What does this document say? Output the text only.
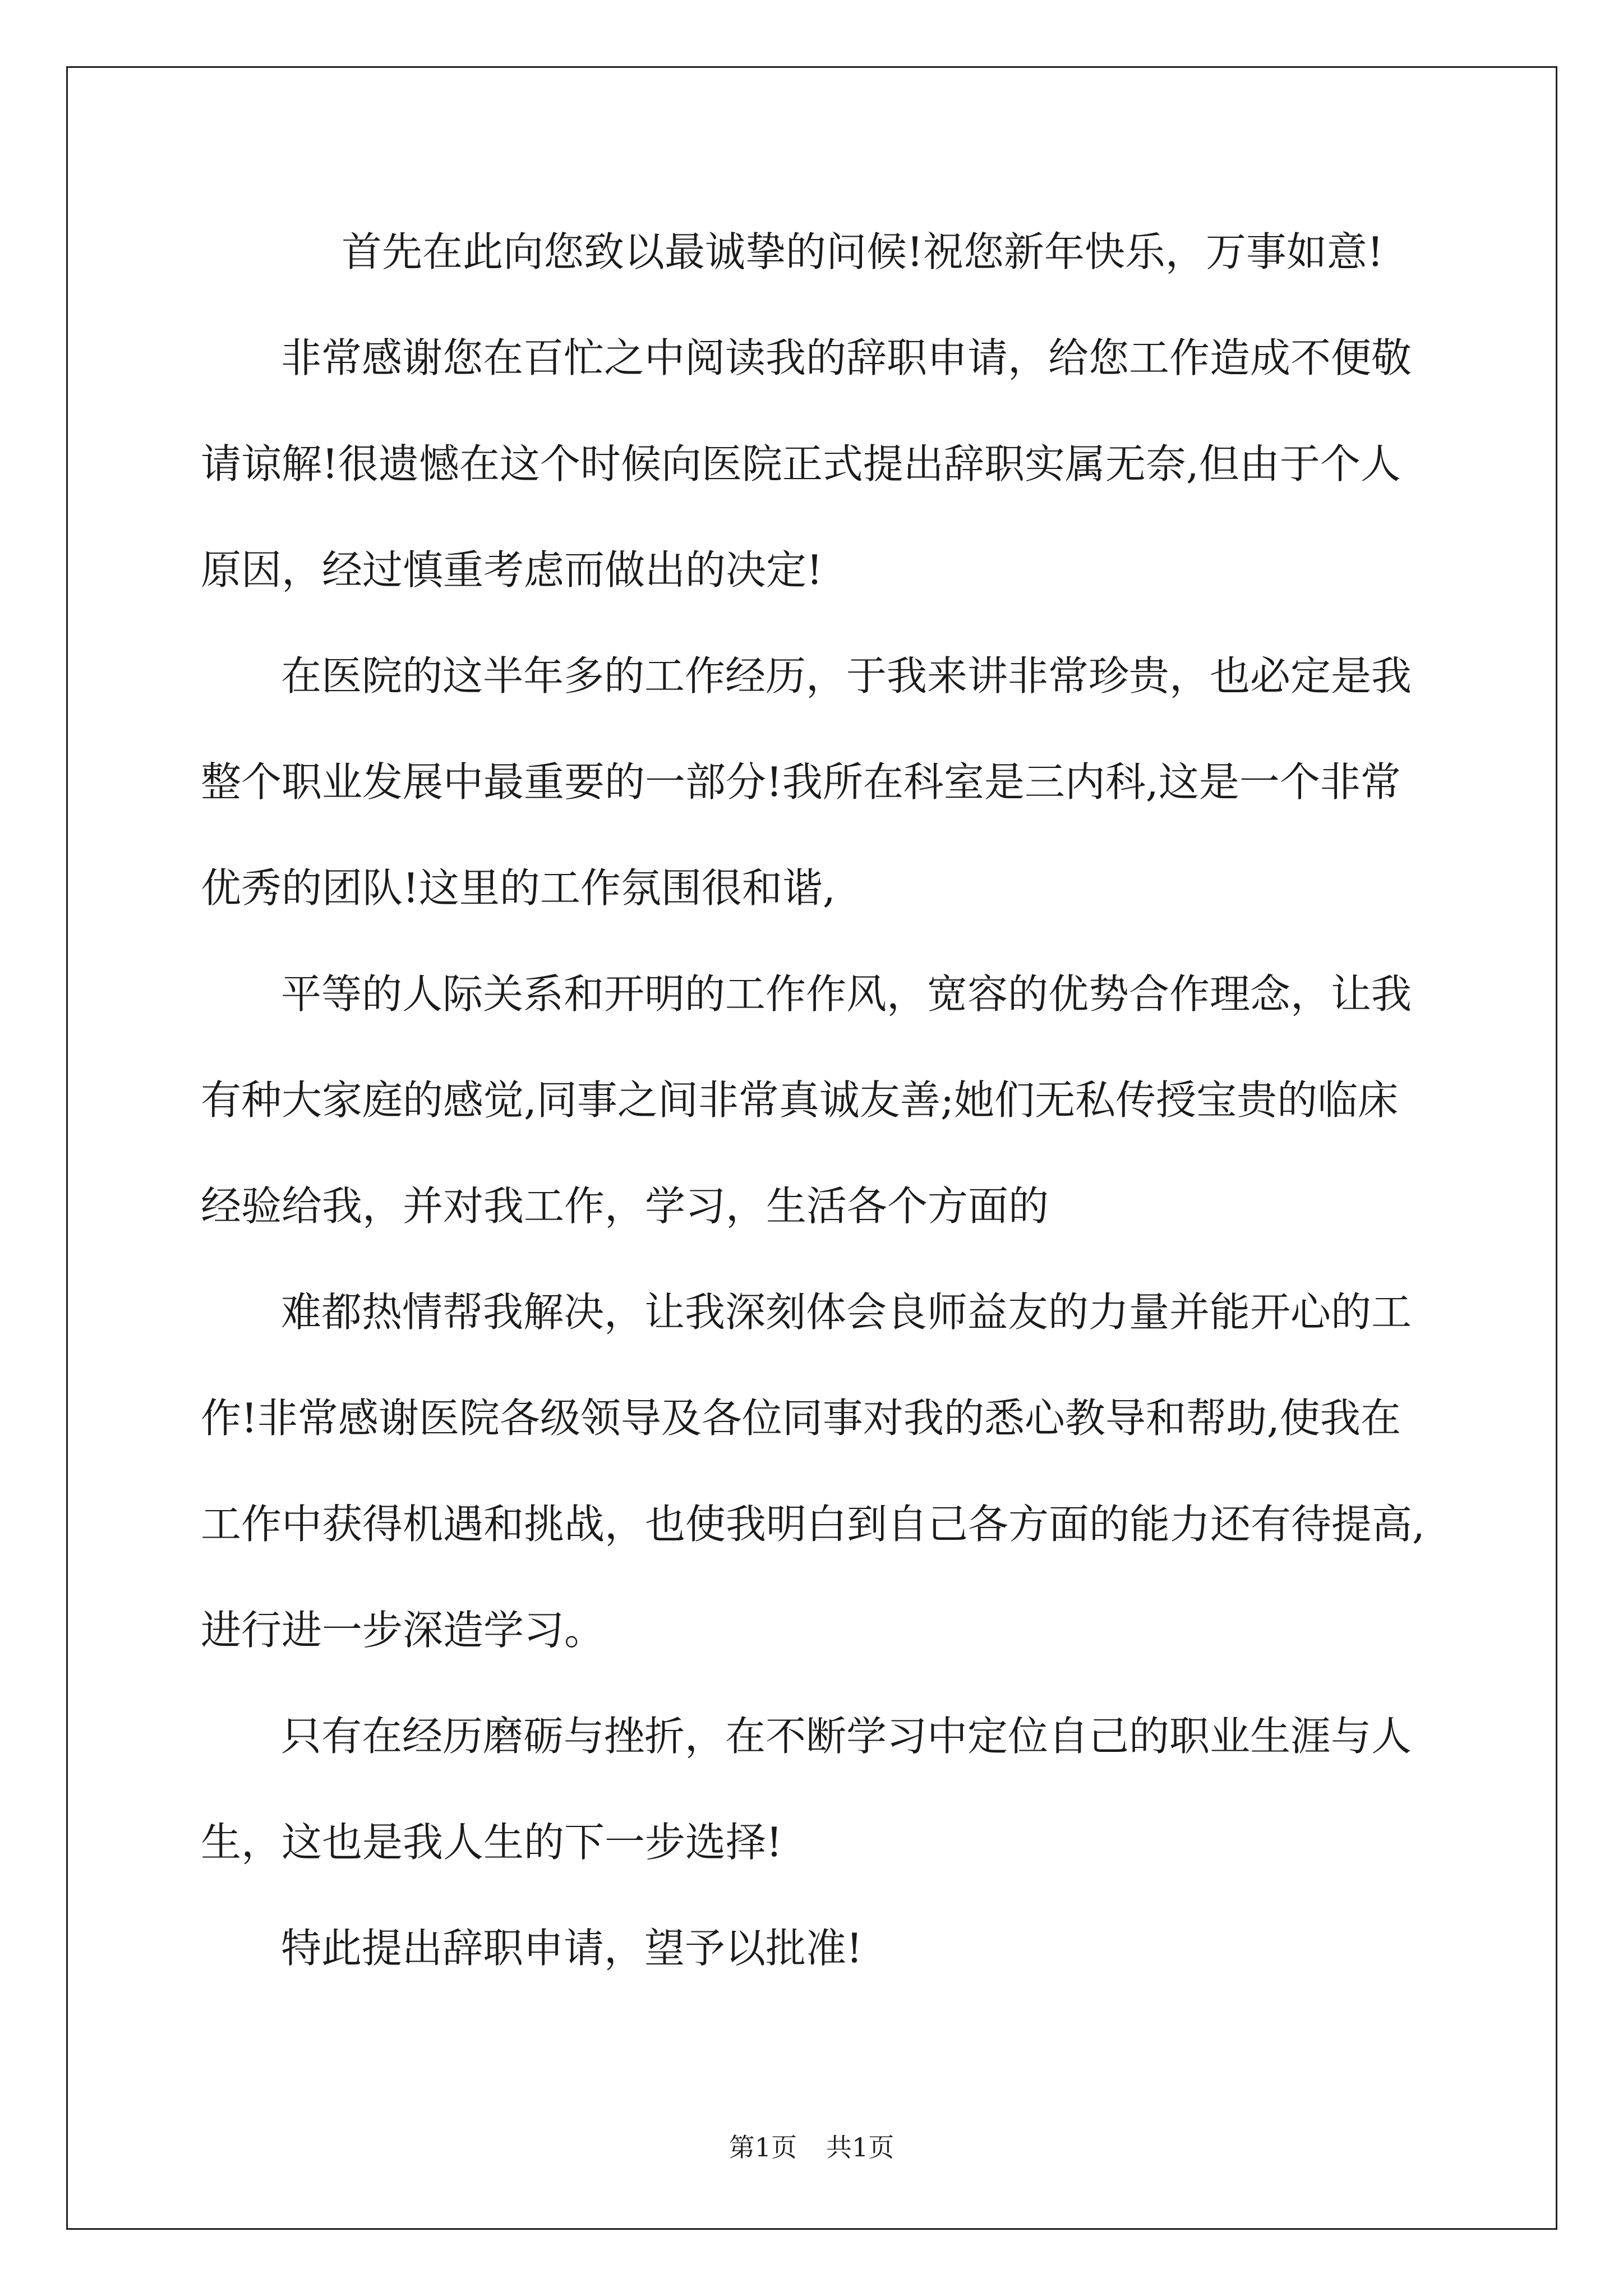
首先在此向您致以最诚挚的问候!祝您新年快乐，万事如意!
非常感谢您在百忙之中阅读我的辞职申请，给您工作造成不便敬
请谅解!很遗憾在这个时候向医院正式提出辞职实属无奈,但由于个人
原因，经过慎重考虑而做出的决定!
在医院的这半年多的工作经历，于我来讲非常珍贵，也必定是我
整个职业发展中最重要的一部分!我所在科室是三内科,这是一个非常
优秀的团队!这里的工作氛围很和谐,
平等的人际关系和开明的工作作风，宽容的优势合作理念，让我
有种大家庭的感觉,同事之间非常真诚友善;她们无私传授宝贵的临床
经验给我，并对我工作，学习，生活各个方面的
难都热情帮我解决，让我深刻体会良师益友的力量并能开心的工
作!非常感谢医院各级领导及各位同事对我的悉心教导和帮助,使我在
工作中获得机遇和挑战，也使我明白到自己各方面的能力还有待提高,
进行进一步深造学习。
只有在经历磨砺与挫折，在不断学习中定位自己的职业生涯与人
生，这也是我人生的下一步选择!
特此提出辞职申请，望予以批准!
第1页 共1页
